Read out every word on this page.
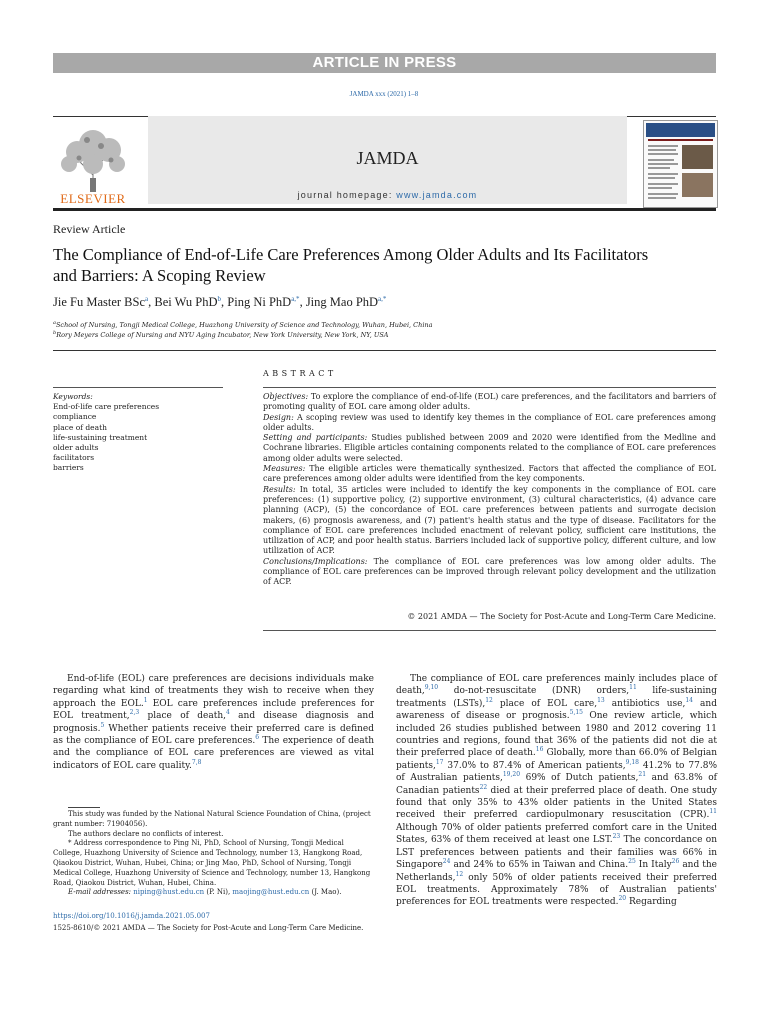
ARTICLE IN PRESS
JAMDA xxx (2021) 1–8
ELSEVIER
JAMDA
journal homepage: www.jamda.com
Review Article
The Compliance of End-of-Life Care Preferences Among Older Adults and Its Facilitators and Barriers: A Scoping Review
Jie Fu Master BSc$^a$, Bei Wu PhD$^b$, Ping Ni PhD$^{a,*}$, Jing Mao PhD$^{a,*}$
$^a$School of Nursing, Tongji Medical College, Huazhong University of Science and Technology, Wuhan, Hubei, China
$^b$Rory Meyers College of Nursing and NYU Aging Incubator, New York University, New York, NY, USA
ABSTRACT
Keywords:
End-of-life care preferences
compliance
place of death
life-sustaining treatment
older adults
facilitators
barriers
Objectives: To explore the compliance of end-of-life (EOL) care preferences, and the facilitators and barriers of promoting quality of EOL care among older adults.
Design: A scoping review was used to identify key themes in the compliance of EOL care preferences among older adults.
Setting and participants: Studies published between 2009 and 2020 were identified from the Medline and Cochrane libraries. Eligible articles containing components related to the compliance of EOL care preferences among older adults were selected.
Measures: The eligible articles were thematically synthesized. Factors that affected the compliance of EOL care preferences among older adults were identified from the key components.
Results: In total, 35 articles were included to identify the key components in the compliance of EOL care preferences: (1) supportive policy, (2) supportive environment, (3) cultural characteristics, (4) advance care planning (ACP), (5) the concordance of EOL care preferences between patients and surrogate decision makers, (6) prognosis awareness, and (7) patient's health status and the type of disease. Facilitators for the compliance of EOL care preferences included enactment of relevant policy, sufficient care institutions, the utilization of ACP, and poor health status. Barriers included lack of supportive policy, different culture, and low utilization of ACP.
Conclusions/Implications: The compliance of EOL care preferences was low among older adults. The compliance of EOL care preferences can be improved through relevant policy development and the utilization of ACP.
© 2021 AMDA — The Society for Post-Acute and Long-Term Care Medicine.

End-of-life (EOL) care preferences are decisions individuals make regarding what kind of treatments they wish to receive when they approach the EOL.$^1$ EOL care preferences include preferences for EOL treatment,$^{2,3}$ place of death,$^4$ and disease diagnosis and prognosis.$^5$ Whether patients receive their preferred care is defined as the compliance of EOL care preferences.$^6$ The experience of death and the compliance of EOL care preferences are viewed as vital indicators of EOL care quality.$^{7,8}$

The compliance of EOL care preferences mainly includes place of death,$^{9,10}$ do-not-resuscitate (DNR) orders,$^{11}$ life-sustaining treatments (LSTs),$^{12}$ place of EOL care,$^{13}$ antibiotics use,$^{14}$ and awareness of disease or prognosis.$^{5,15}$ One review article, which included 26 studies published between 1980 and 2012 covering 11 countries and regions, found that 36% of the patients did not die at their preferred place of death.$^{16}$ Globally, more than 66.0% of Belgian patients,$^{17}$ 37.0% to 87.4% of American patients,$^{9,18}$ 41.2% to 77.8% of Australian patients,$^{19,20}$ 69% of Dutch patients,$^{21}$ and 63.8% of Canadian patients$^{22}$ died at their preferred place of death. One study found that only 35% to 43% older patients in the United States received their preferred cardiopulmonary resuscitation (CPR).$^{11}$ Although 70% of older patients preferred comfort care in the United States, 63% of them received at least one LST.$^{23}$ The concordance on LST preferences between patients and their families was 66% in Singapore$^{24}$ and 24% to 65% in Taiwan and China.$^{25}$ In Italy$^{26}$ and the Netherlands,$^{12}$ only 50% of older patients received their preferred EOL treatments. Approximately 78% of Australian patients' preferences for EOL treatments were respected.$^{20}$ Regarding

This study was funded by the National Natural Science Foundation of China, (project grant number: 71904056).

The authors declare no conflicts of interest.

* Address correspondence to Ping Ni, PhD, School of Nursing, Tongji Medical College, Huazhong University of Science and Technology, number 13, Hangkong Road, Qiaokou District, Wuhan, Hubei, China; or Jing Mao, PhD, School of Nursing, Tongji Medical College, Huazhong University of Science and Technology, number 13, Hangkong Road, Qiaokou District, Wuhan, Hubei, China.

E-mail addresses: niping@hust.edu.cn (P. Ni), maojing@hust.edu.cn (J. Mao).

https://doi.org/10.1016/j.jamda.2021.05.007
1525-8610/© 2021 AMDA — The Society for Post-Acute and Long-Term Care Medicine.
